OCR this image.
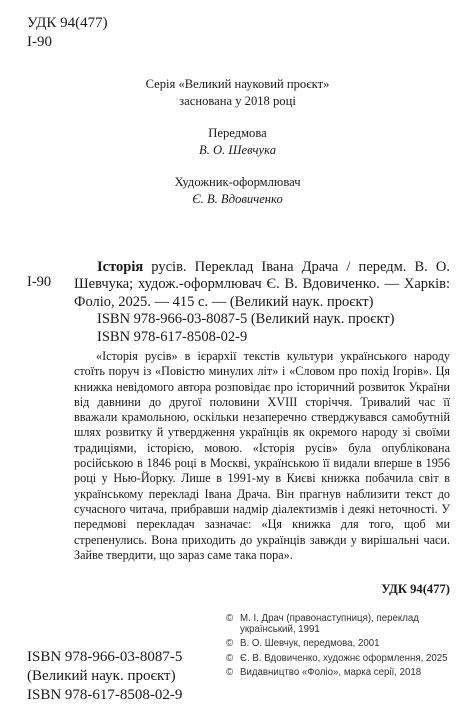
УДК 94(477)
І-90
Серія «Великий науковий проєкт»
заснована у 2018 році
Передмова
В. О. Шевчука
Художник-оформлювач
Є. В. Вдовиченко
І-90

Історія русів. Переклад Івана Драча / передм. В. О. Шевчука; худож.-оформлювач Є. В. Вдовиченко. — Харків: Фоліо, 2025. — 415 с. — (Великий наук. проєкт)

ISBN 978-966-03-8087-5 (Великий наук. проєкт)

ISBN 978-617-8508-02-9

«Історія русів» в ієрархії текстів культури українського народу стоїть поруч із «Повістю минулих літ» і «Словом про похід Ігорів». Ця книжка невідомого автора розповідає про історичний розвиток України від давнини до другої половини XVIII сторіччя. Тривалий час її вважали крамольною, оскільки незаперечно стверджувався самобутній шлях розвитку й утвердження українців як окремого народу зі своїми традиціями, історією, мовою. «Історія русів» була опублікована російською в 1846 році в Москві, українською її видали вперше в 1956 році у Нью-Йорку. Лише в 1991-му в Києві книжка побачила світ в українському перекладі Івана Драча. Він прагнув наблизити текст до сучасного читача, прибравши надмір діалектизмів і деякі неточності. У передмові перекладач зазначає: «Ця книжка для того, щоб ми стрепенулись. Вона приходить до українців завжди у вирішальні часи. Зайве твердити, що зараз саме така пора».

УДК 94(477)
ISBN 978-966-03-8087-5
(Великий наук. проєкт)
ISBN 978-617-8508-02-9
© М. І. Драч (правонаступниця), переклад український, 1991
© В. О. Шевчук, передмова, 2001
© Є. В. Вдовиченко, художнє оформлення, 2025
© Видавництво «Фоліо», марка серії, 2018
